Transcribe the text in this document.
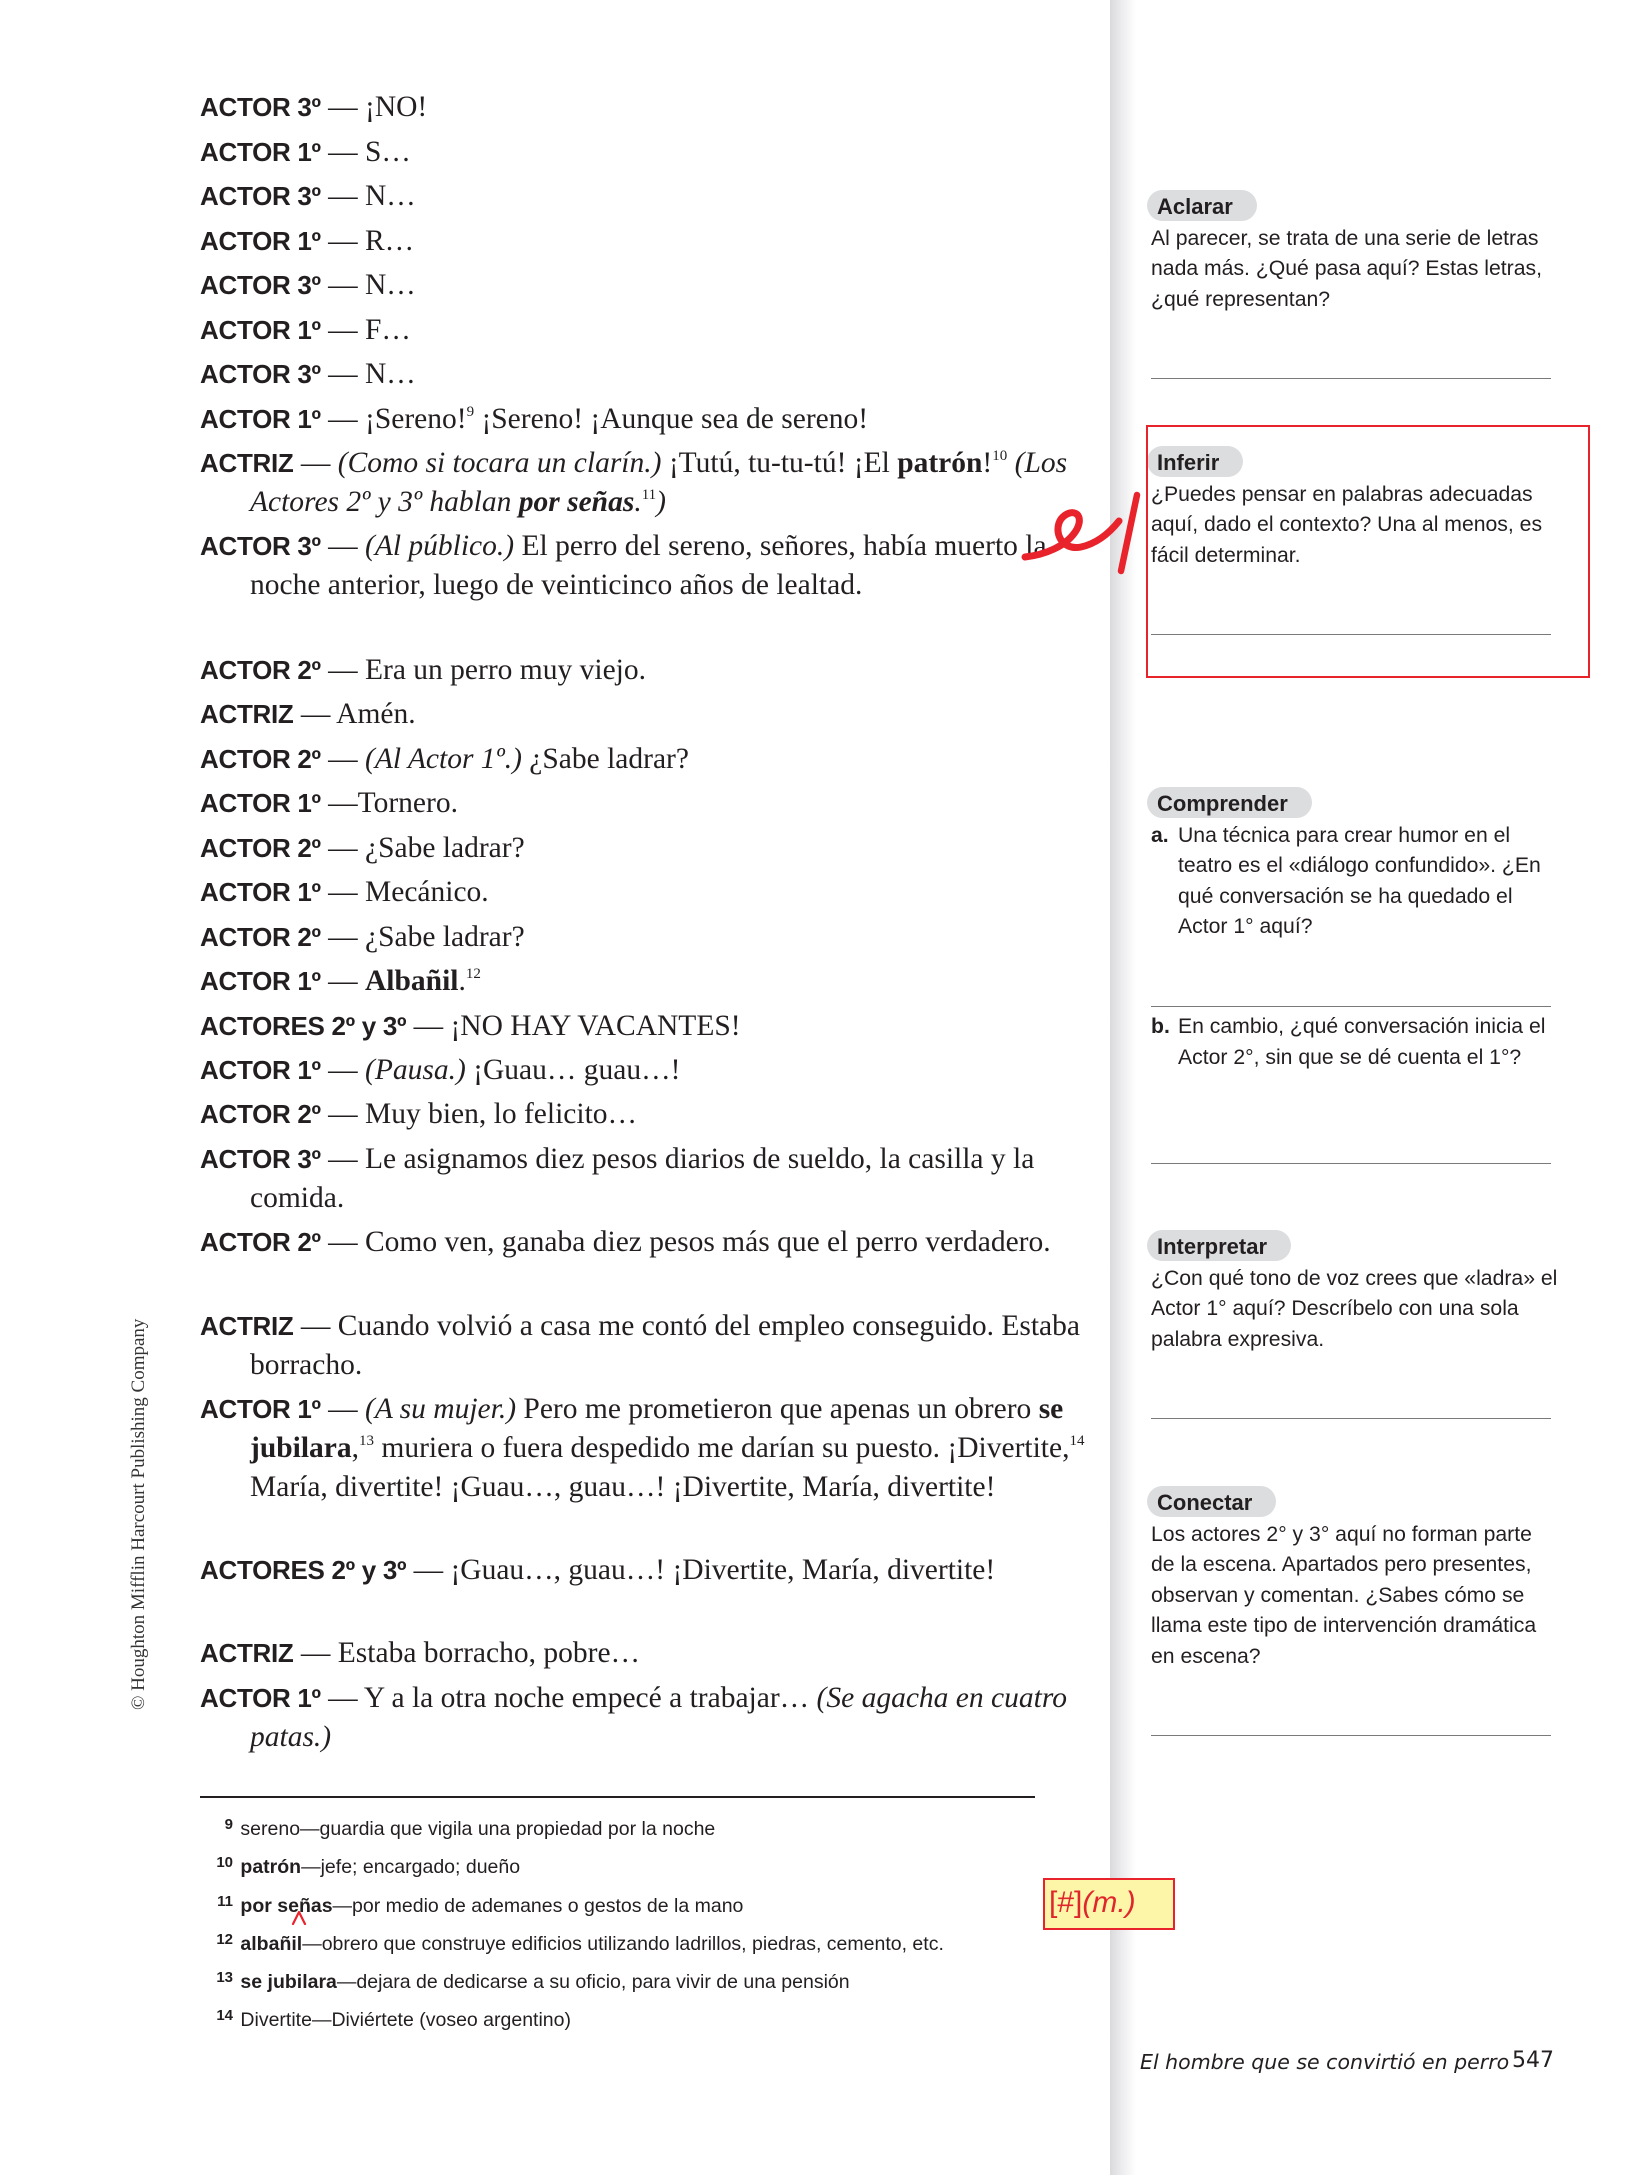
© Houghton Mifflin Harcourt Publishing Company
ACTOR 3º — ¡NO!
ACTOR 1º — S…
ACTOR 3º — N…
ACTOR 1º — R…
ACTOR 3º — N…
ACTOR 1º — F…
ACTOR 3º — N…
ACTOR 1º — ¡Sereno!$^9$ ¡Sereno! ¡Aunque sea de sereno!
ACTRIZ — (Como si tocara un clarín.) ¡Tutú, tu-tu-tú! ¡El patrón!$^{10}$ (Los Actores 2º y 3º hablan por señas.$^{11}$)
ACTOR 3º — (Al público.) El perro del sereno, señores, había muerto la noche anterior, luego de veinticinco años de lealtad.
ACTOR 2º — Era un perro muy viejo.
ACTRIZ — Amén.
ACTOR 2º — (Al Actor 1º.) ¿Sabe ladrar?
ACTOR 1º —Tornero.
ACTOR 2º — ¿Sabe ladrar?
ACTOR 1º — Mecánico.
ACTOR 2º — ¿Sabe ladrar?
ACTOR 1º — Albañil.$^{12}$
ACTORES 2º y 3º — ¡NO HAY VACANTES!
ACTOR 1º — (Pausa.) ¡Guau… guau…!
ACTOR 2º — Muy bien, lo felicito…
ACTOR 3º — Le asignamos diez pesos diarios de sueldo, la casilla y la comida.
ACTOR 2º — Como ven, ganaba diez pesos más que el perro verdadero.
ACTRIZ — Cuando volvió a casa me contó del empleo conseguido. Estaba borracho.
ACTOR 1º — (A su mujer.) Pero me prometieron que apenas un obrero se jubilara,$^{13}$ muriera o fuera despedido me darían su puesto. ¡Divertite,$^{14}$ María, divertite! ¡Guau…, guau…! ¡Divertite, María, divertite!
ACTORES 2º y 3º — ¡Guau…, guau…! ¡Divertite, María, divertite!
ACTRIZ — Estaba borracho, pobre…
ACTOR 1º — Y a la otra noche empecé a trabajar… (Se agacha en cuatro patas.)
9 sereno—guardia que vigila una propiedad por la noche
10 patrón—jefe; encargado; dueño
11 por señas—por medio de ademanes o gestos de la mano
12 albañil—obrero que construye edificios utilizando ladrillos, piedras, cemento, etc.
13 se jubilara—dejara de dedicarse a su oficio, para vivir de una pensión
14 Divertite—Diviértete (voseo argentino)
Aclarar

Al parecer, se trata de una serie de letras nada más. ¿Qué pasa aquí? Estas letras, ¿qué representan?

Inferir

¿Puedes pensar en palabras adecuadas aquí, dado el contexto? Una al menos, es fácil determinar.

Comprender

a. Una técnica para crear humor en el teatro es el «diálogo confundido». ¿En qué conversación se ha quedado el Actor 1° aquí?

b. En cambio, ¿qué conversación inicia el Actor 2°, sin que se dé cuenta el 1°?

Interpretar

¿Con qué tono de voz crees que «ladra» el Actor 1° aquí? Descríbelo con una sola palabra expresiva.

Conectar

Los actores 2° y 3° aquí no forman parte de la escena. Apartados pero presentes, observan y comentan. ¿Sabes cómo se llama este tipo de intervención dramática en escena?

[#](m.)
El hombre que se convirtió en perro 547
